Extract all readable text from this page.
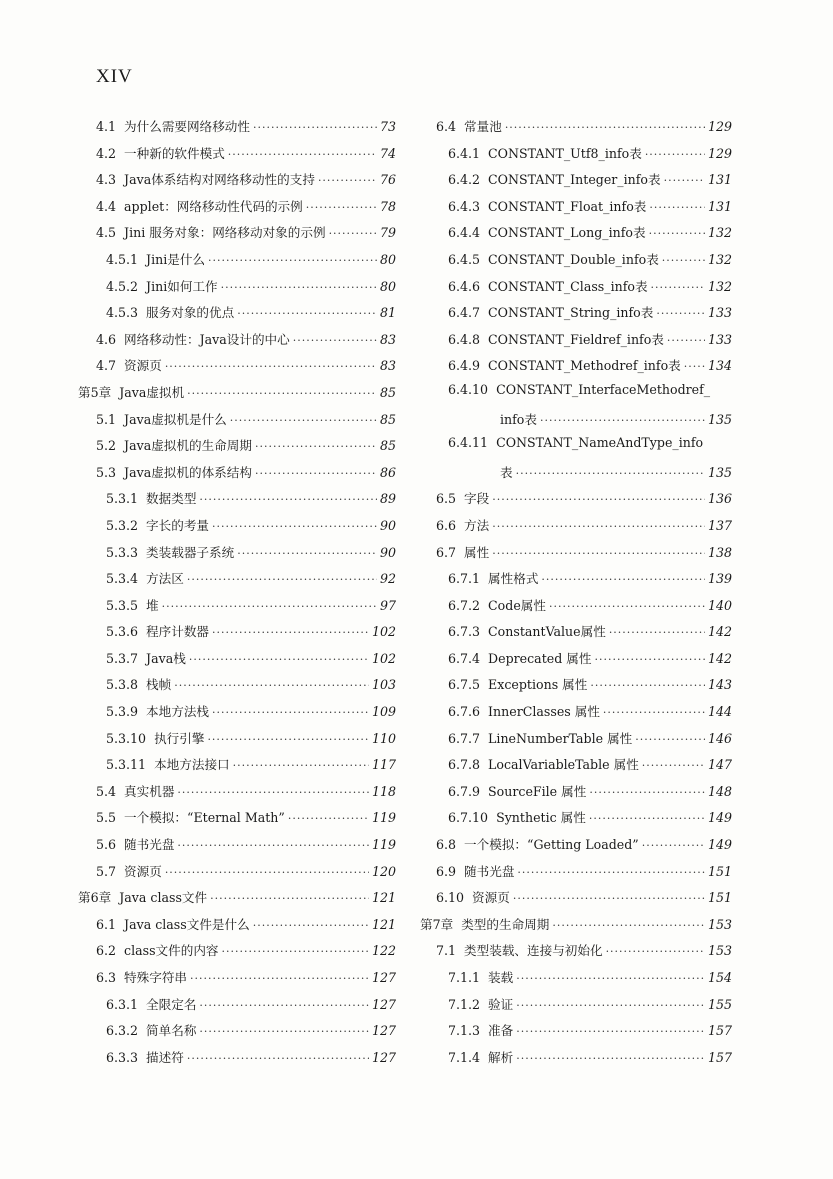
XIV
4.1 为什么需要网络移动性 ·····	73
4.2 一种新的软件模式 ·····	74
4.3 Java体系结构对网络移动性的支持 ·····	76
4.4 applet：网络移动性代码的示例 ·····	78
4.5 Jini 服务对象：网络移动对象的示例 ·····	79
4.5.1 Jini是什么 ·····	80
4.5.2 Jini如何工作 ·····	80
4.5.3 服务对象的优点 ·····	81
4.6 网络移动性：Java设计的中心 ·····	83
4.7 资源页 ·····	83
第5章 Java虚拟机 ·····	85
5.1 Java虚拟机是什么 ·····	85
5.2 Java虚拟机的生命周期 ·····	85
5.3 Java虚拟机的体系结构 ·····	86
5.3.1 数据类型 ·····	89
5.3.2 字长的考量 ·····	90
5.3.3 类装载器子系统 ·····	90
5.3.4 方法区 ·····	92
5.3.5 堆 ·····	97
5.3.6 程序计数器 ·····	102
5.3.7 Java栈 ·····	102
5.3.8 栈帧 ·····	103
5.3.9 本地方法栈 ·····	109
5.3.10 执行引擎 ·····	110
5.3.11 本地方法接口 ·····	117
5.4 真实机器 ·····	118
5.5 一个模拟：“Eternal Math” ·····	119
5.6 随书光盘 ·····	119
5.7 资源页 ·····	120
第6章 Java class文件 ·····	121
6.1 Java class文件是什么 ·····	121
6.2 class文件的内容 ·····	122
6.3 特殊字符串 ·····	127
6.3.1 全限定名 ·····	127
6.3.2 简单名称 ·····	127
6.3.3 描述符 ·····	127
6.4 常量池 ·····	129
6.4.1 CONSTANT_Utf8_info表 ·····	129
6.4.2 CONSTANT_Integer_info表 ·····	131
6.4.3 CONSTANT_Float_info表 ·····	131
6.4.4 CONSTANT_Long_info表 ·····	132
6.4.5 CONSTANT_Double_info表 ·····	132
6.4.6 CONSTANT_Class_info表 ·····	132
6.4.7 CONSTANT_String_info表 ·····	133
6.4.8 CONSTANT_Fieldref_info表 ·····	133
6.4.9 CONSTANT_Methodref_info表 ····· 134
6.4.10 CONSTANT_InterfaceMethodref_
info表 ·····	135
6.4.11 CONSTANT_NameAndType_info
表 ·····	135
6.5 字段 ·····	136
6.6 方法 ·····	137
6.7 属性 ·····	138
6.7.1 属性格式 ·····	139
6.7.2 Code属性 ·····	140
6.7.3 ConstantValue属性 ·····	142
6.7.4 Deprecated 属性 ·····	142
6.7.5 Exceptions 属性 ·····	143
6.7.6 InnerClasses 属性 ·····	144
6.7.7 LineNumberTable 属性 ·····	146
6.7.8 LocalVariableTable 属性 ·····	147
6.7.9 SourceFile 属性 ·····	148
6.7.10 Synthetic 属性 ·····	149
6.8 一个模拟：“Getting Loaded” ·····	149
6.9 随书光盘 ·····	151
6.10 资源页 ·····	151
第7章 类型的生命周期 ·····	153
7.1 类型装载、连接与初始化 ·····	153
7.1.1 装载 ·····	154
7.1.2 验证 ·····	155
7.1.3 准备 ·····	157
7.1.4 解析 ·····	157
